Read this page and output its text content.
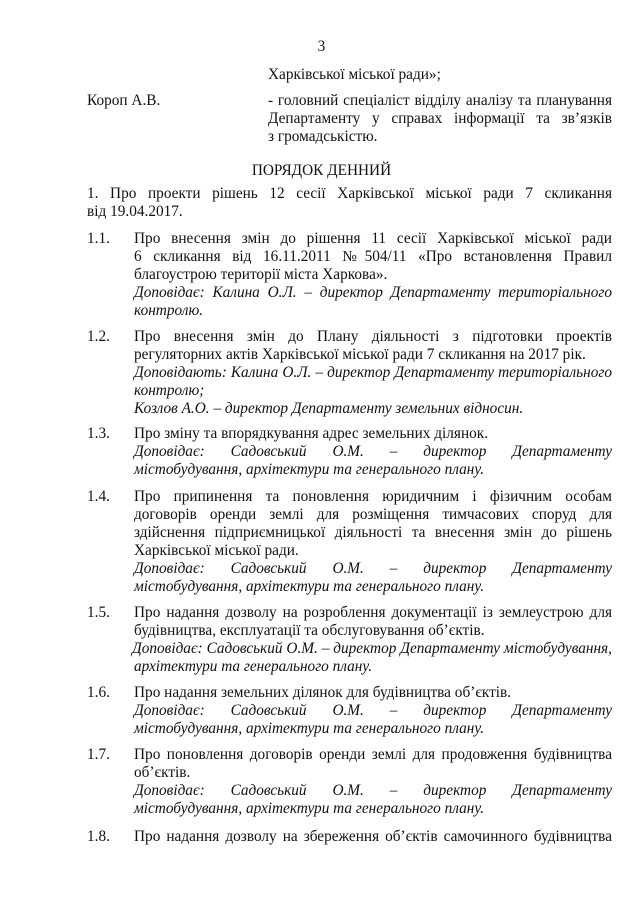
3
Харківської міської ради»;
Короп А.В.	- головний спеціаліст відділу аналізу та планування
Департаменту у справах інформації та зв’язків
з громадськістю.
ПОРЯДОК ДЕННИЙ
1. Про проекти рішень 12 сесії Харківської міської ради 7 скликання
від 19.04.2017.
1.1. Про внесення змін до рішення 11 сесії Харківської міської ради
6 скликання від 16.11.2011 №504/11 «Про встановлення Правил
благоустрою території міста Харкова».
Доповідає: Калина О.Л. – директор Департаменту територіального
контролю.
1.2. Про внесення змін до Плану діяльності з підготовки проектів
регуляторних актів Харківської міської ради 7 скликання на 2017 рік.
Доповідають: Калина О.Л. – директор Департаменту територіального
контролю;
Козлов А.О. – директор Департаменту земельних відносин.
1.3. Про зміну та впорядкування адрес земельних ділянок.
Доповідає: Садовський О.М. – директор Департаменту
містобудування, архітектури та генерального плану.
1.4. Про припинення та поновлення юридичним і фізичним особам
договорів оренди землі для розміщення тимчасових споруд для
здійснення підприємницької діяльності та внесення змін до рішень
Харківської міської ради.
Доповідає: Садовський О.М. – директор Департаменту
містобудування, архітектури та генерального плану.
1.5. Про надання дозволу на розроблення документації із землеустрою для
будівництва, експлуатації та обслуговування об’єктів.
Доповідає: Садовський О.М. – директор Департаменту містобудування,
архітектури та генерального плану.
1.6. Про надання земельних ділянок для будівництва об’єктів.
Доповідає: Садовський О.М. – директор Департаменту
містобудування, архітектури та генерального плану.
1.7. Про поновлення договорів оренди землі для продовження будівництва
об’єктів.
Доповідає: Садовський О.М. – директор Департаменту
містобудування, архітектури та генерального плану.
1.8. Про надання дозволу на збереження об’єктів самочинного будівництва
